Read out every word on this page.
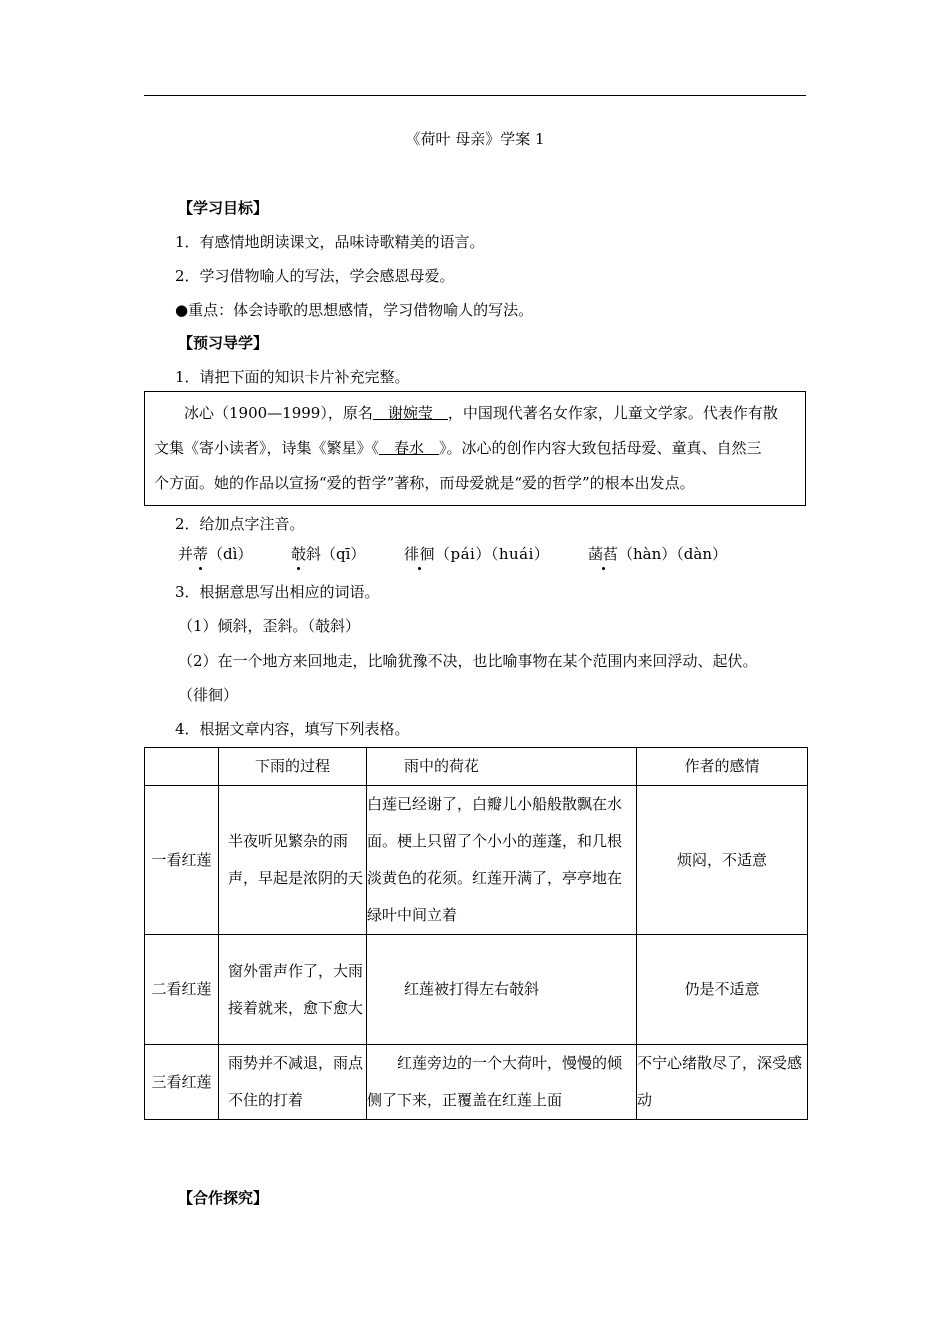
《荷叶 母亲》学案 1
【学习目标】
1．有感情地朗读课文，品味诗歌精美的语言。
2．学习借物喻人的写法，学会感恩母爱。
●重点：体会诗歌的思想感情，学习借物喻人的写法。
【预习导学】
1．请把下面的知识卡片补充完整。
冰心（1900—1999），原名　谢婉莹　，中国现代著名女作家，儿童文学家。代表作有散
文集《寄小读者》，诗集《繁星》《　春水　》。冰心的创作内容大致包括母爱、童真、自然三
个方面。她的作品以宣扬“爱的哲学”著称，而母爱就是“爱的哲学”的根本出发点。
2．给加点字注音。
并蒂（dì）	攲斜（qī）	徘徊（pái）（huái）	菡萏（hàn）（dàn）
3．根据意思写出相应的词语。
（1）倾斜，歪斜。（攲斜）
（2）在一个地方来回地走，比喻犹豫不决，也比喻事物在某个范围内来回浮动、起伏。
（徘徊）
4．根据文章内容，填写下列表格。
	下雨的过程	雨中的荷花	作者的感情
一看红莲	半夜听见繁杂的雨声，早起是浓阴的天	白莲已经谢了，白瓣儿小船般散飘在水面。梗上只留了个小小的莲蓬，和几根淡黄色的花须。红莲开满了，亭亭地在绿叶中间立着	烦闷，不适意
二看红莲	窗外雷声作了，大雨接着就来，愈下愈大	红莲被打得左右攲斜	仍是不适意
三看红莲	雨势并不减退，雨点不住的打着	红莲旁边的一个大荷叶，慢慢的倾侧了下来，正覆盖在红莲上面	不宁心绪散尽了，深受感动
【合作探究】
